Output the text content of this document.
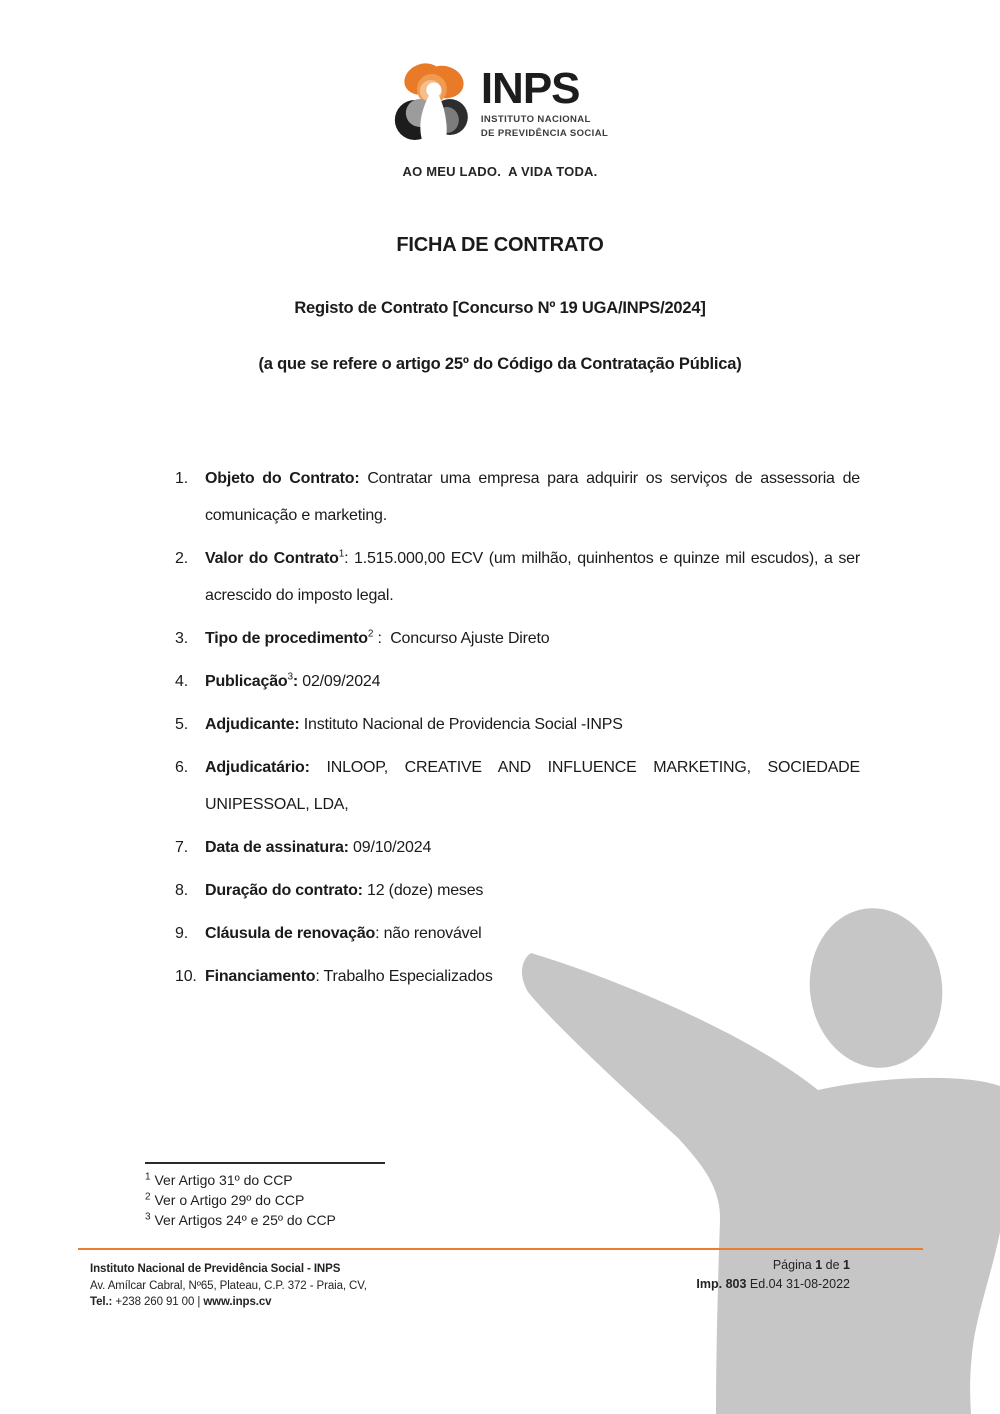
INPS
INSTITUTO NACIONAL
DE PREVIDÊNCIA SOCIAL
AO MEU LADO.  A VIDA TODA.
FICHA DE CONTRATO
Registo de Contrato [Concurso Nº 19 UGA/INPS/2024]
(a que se refere o artigo 25º do Código da Contratação Pública)
1.	Objeto do Contrato: Contratar uma empresa para adquirir os serviços de assessoria de comunicação e marketing.
2.	Valor do Contrato$^1$: 1.515.000,00 ECV (um milhão, quinhentos e quinze mil escudos), a ser acrescido do imposto legal.
3.	Tipo de procedimento$^2$ :  Concurso Ajuste Direto
4.	Publicação$^3$: 02/09/2024
5.	Adjudicante: Instituto Nacional de Providencia Social -INPS
6.	Adjudicatário: INLOOP, CREATIVE AND INFLUENCE MARKETING, SOCIEDADE UNIPESSOAL, LDA,
7.	Data de assinatura: 09/10/2024
8.	Duração do contrato: 12 (doze) meses
9.	Cláusula de renovação: não renovável
10. Financiamento: Trabalho Especializados
$^1$ Ver Artigo 31º do CCP
$^2$ Ver o Artigo 29º do CCP
$^3$ Ver Artigos 24º e 25º do CCP
Instituto Nacional de Previdência Social - INPS
Av. Amílcar Cabral, Nº65, Plateau, C.P. 372 - Praia, CV,
Tel.: +238 260 91 00 | www.inps.cv
Página 1 de 1
Imp. 803 Ed.04 31-08-2022
